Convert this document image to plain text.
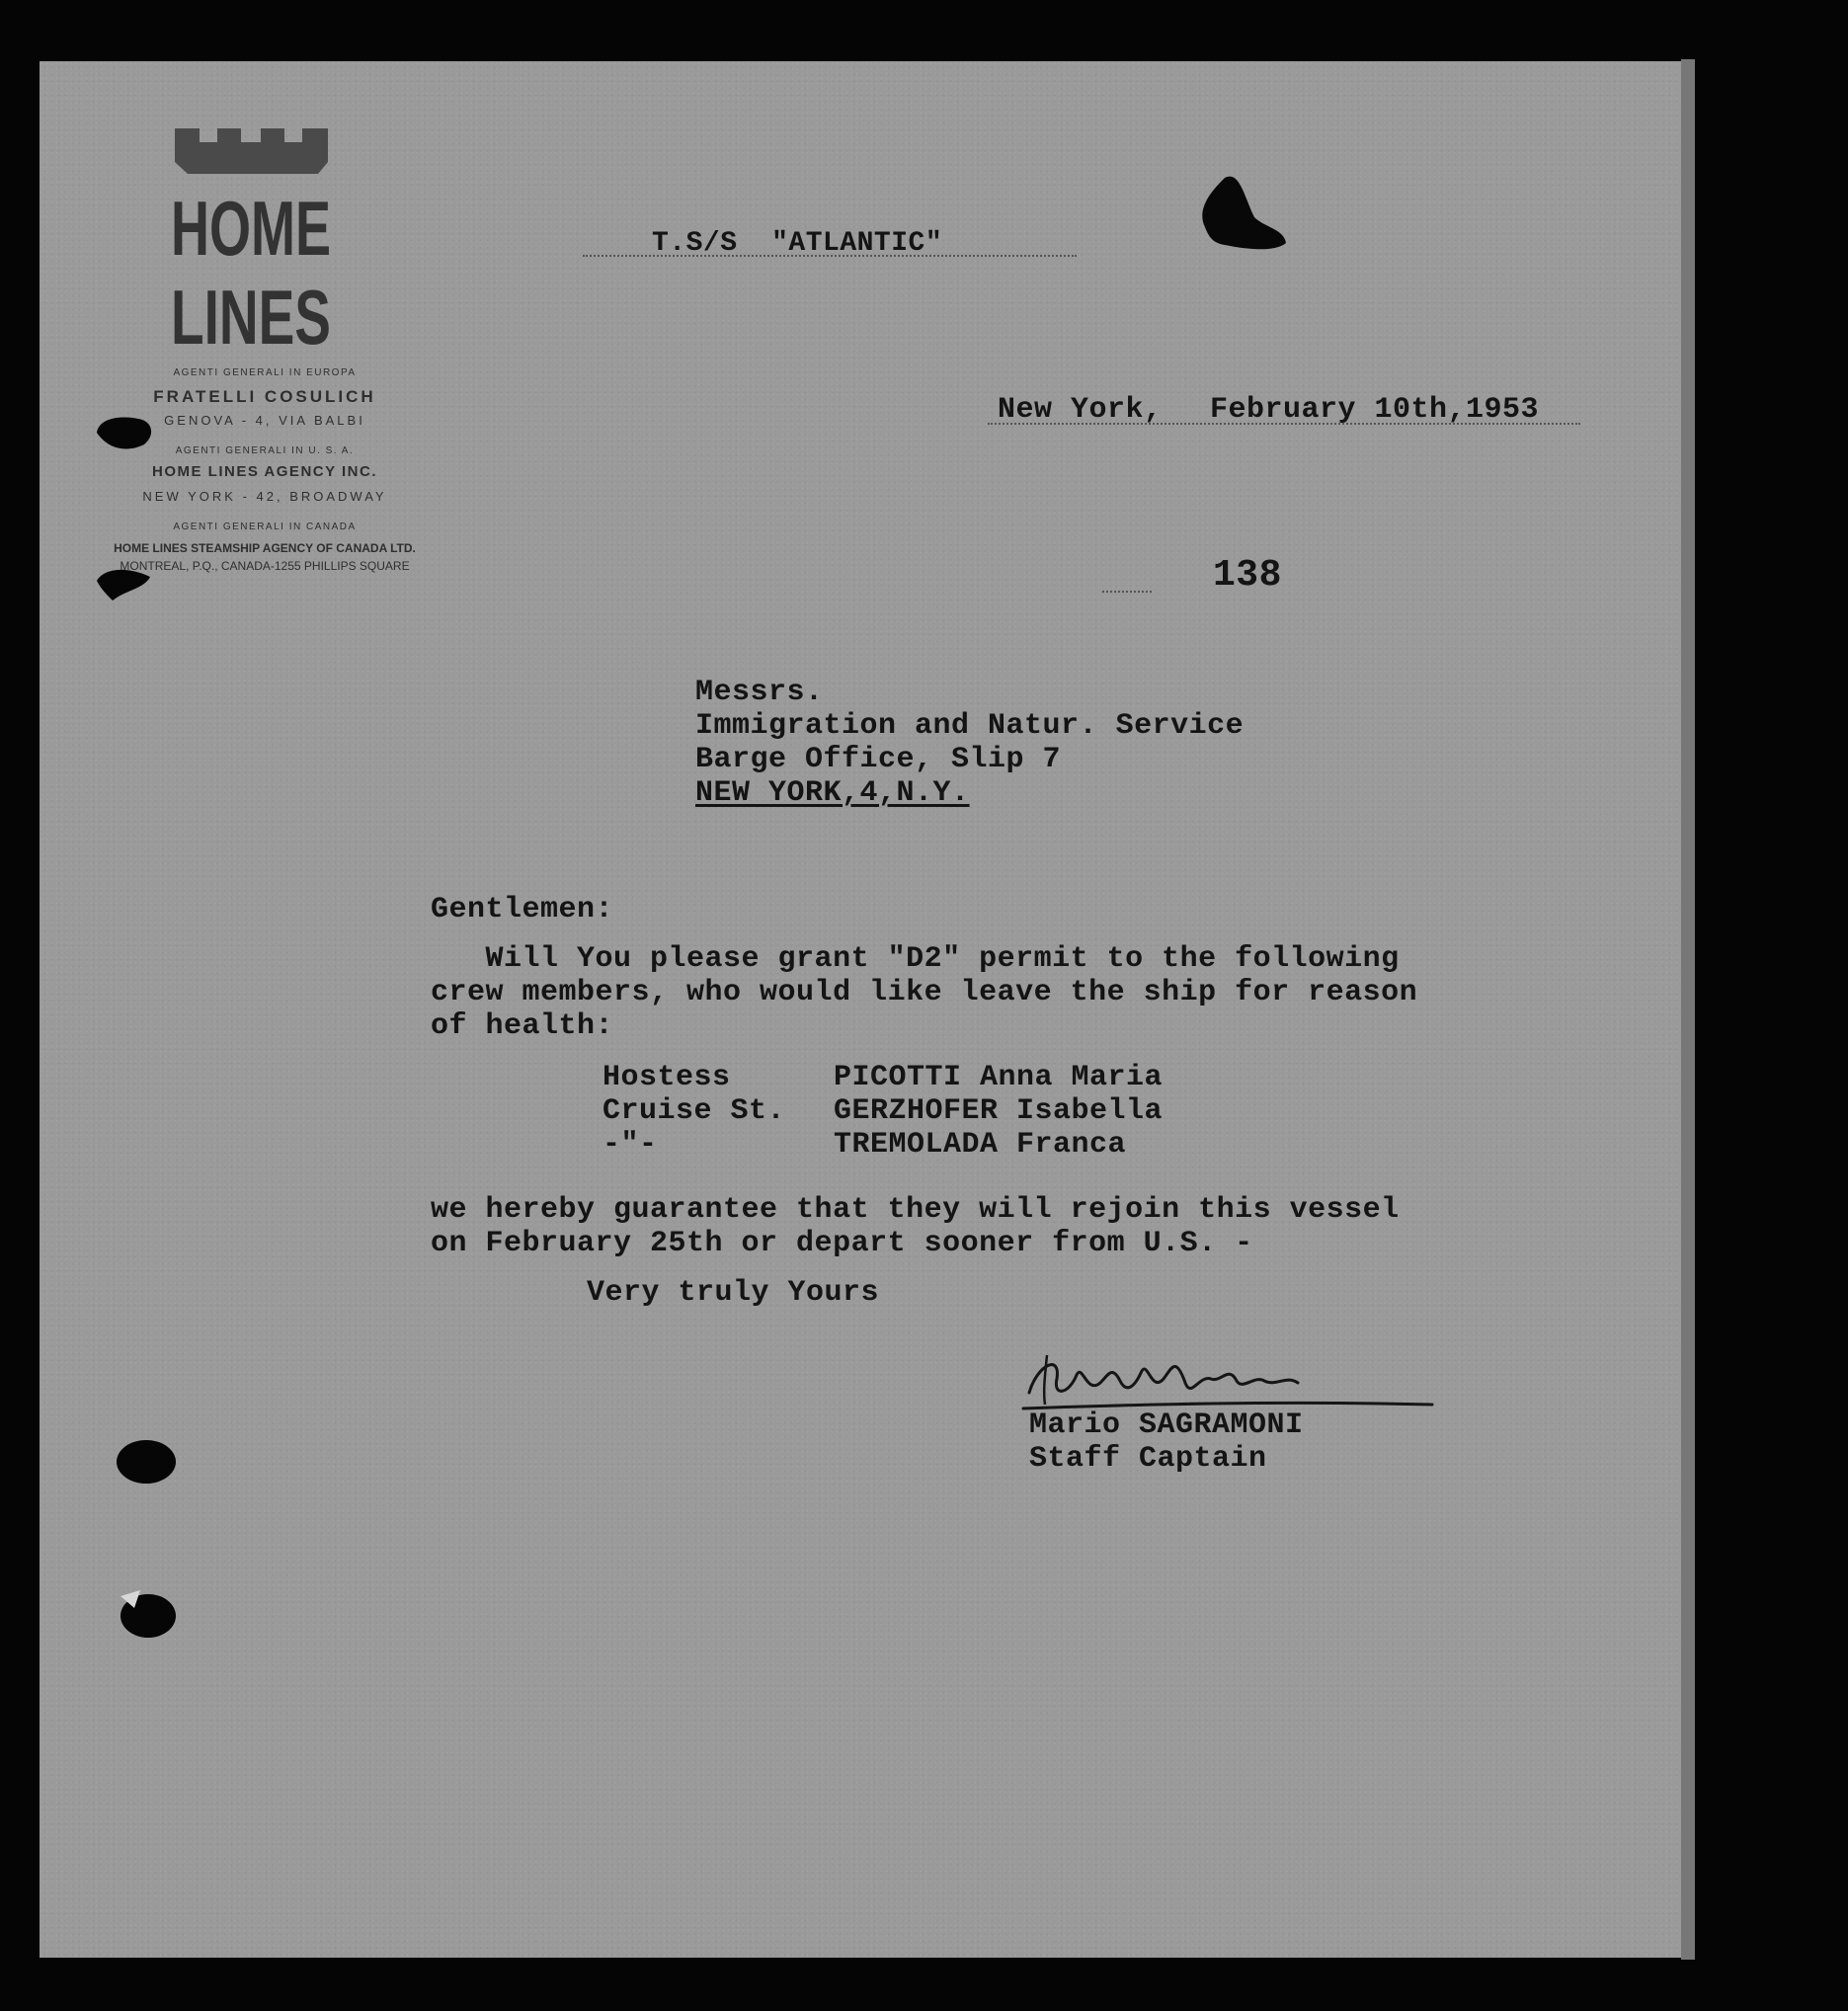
HOME
LINES
AGENTI GENERALI IN EUROPA
FRATELLI COSULICH
GENOVA - 4, VIA BALBI
AGENTI GENERALI IN U. S. A.
HOME LINES AGENCY INC.
NEW YORK - 42, BROADWAY
AGENTI GENERALI IN CANADA
HOME LINES STEAMSHIP AGENCY OF CANADA LTD.
MONTREAL, P.Q., CANADA-1255 PHILLIPS SQUARE
T.S/S  "ATLANTIC"
New York, February 10th,1953
138
Messrs.
Immigration and Natur. Service
Barge Office, Slip 7
NEW YORK,4,N.Y.
Gentlemen:
Will You please grant "D2" permit to the following
crew members, who would like leave the ship for reason
of health:
Hostess	PICOTTI Anna Maria
Cruise St. GERZHOFER Isabella
-"-	TREMOLADA Franca
we hereby guarantee that they will rejoin this vessel
on February 25th or depart sooner from U.S. -
Very truly Yours
Mario SAGRAMONI
Staff Captain
